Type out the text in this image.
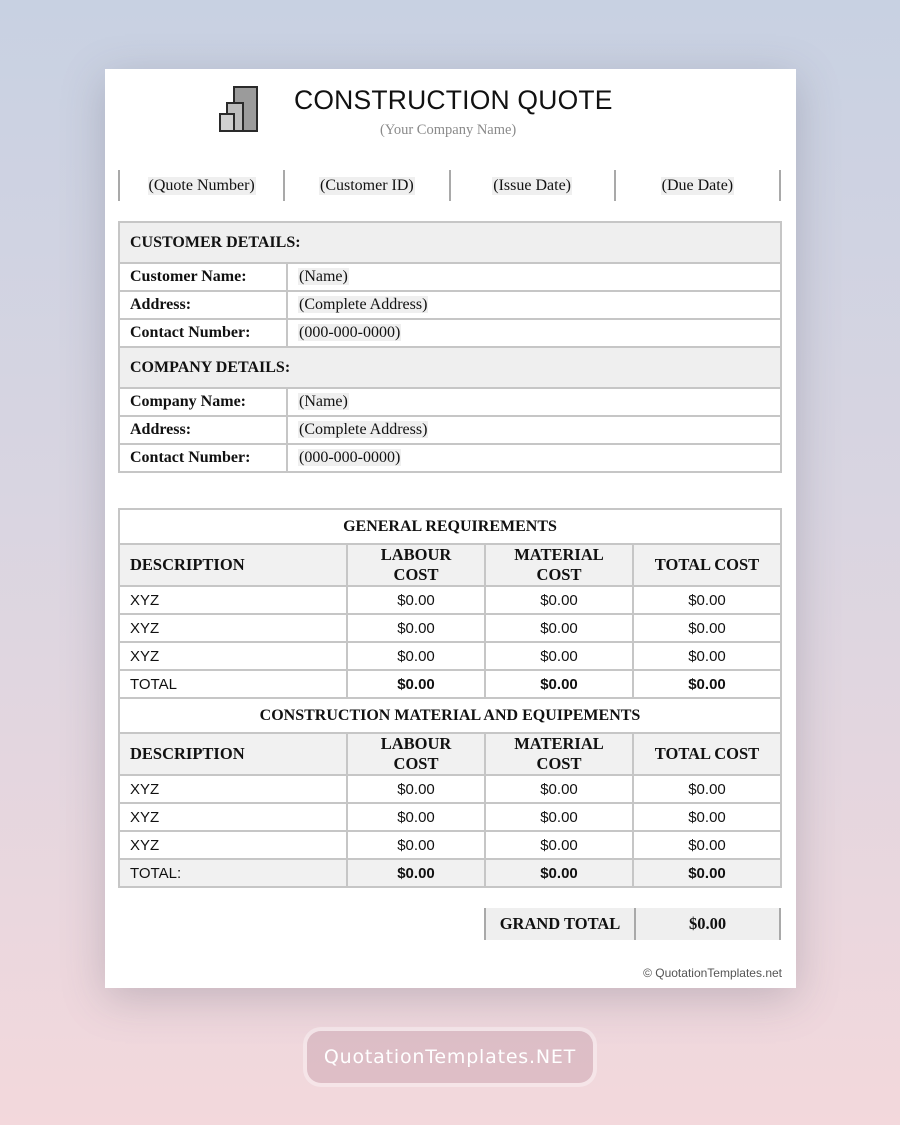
CONSTRUCTION QUOTE
(Your Company Name)
(Quote Number)	(Customer ID)	(Issue Date)	(Due Date)
CUSTOMER DETAILS:	
Customer Name:	(Name)
Address:	(Complete Address)
Contact Number:	(000-000-0000)
COMPANY DETAILS:	
Company Name:	(Name)
Address:	(Complete Address)
Contact Number:	(000-000-0000)
GENERAL REQUIREMENTS			
DESCRIPTION	LABOUR COST	MATERIAL COST	TOTAL COST
XYZ	$0.00	$0.00	$0.00
XYZ	$0.00	$0.00	$0.00
XYZ	$0.00	$0.00	$0.00
TOTAL	$0.00	$0.00	$0.00
CONSTRUCTION MATERIAL AND EQUIPEMENTS			
DESCRIPTION	LABOUR COST	MATERIAL COST	TOTAL COST
XYZ	$0.00	$0.00	$0.00
XYZ	$0.00	$0.00	$0.00
XYZ	$0.00	$0.00	$0.00
TOTAL:	$0.00	$0.00	$0.00
GRAND TOTAL	$0.00
© QuotationTemplates.net
QuotationTemplates.NET
